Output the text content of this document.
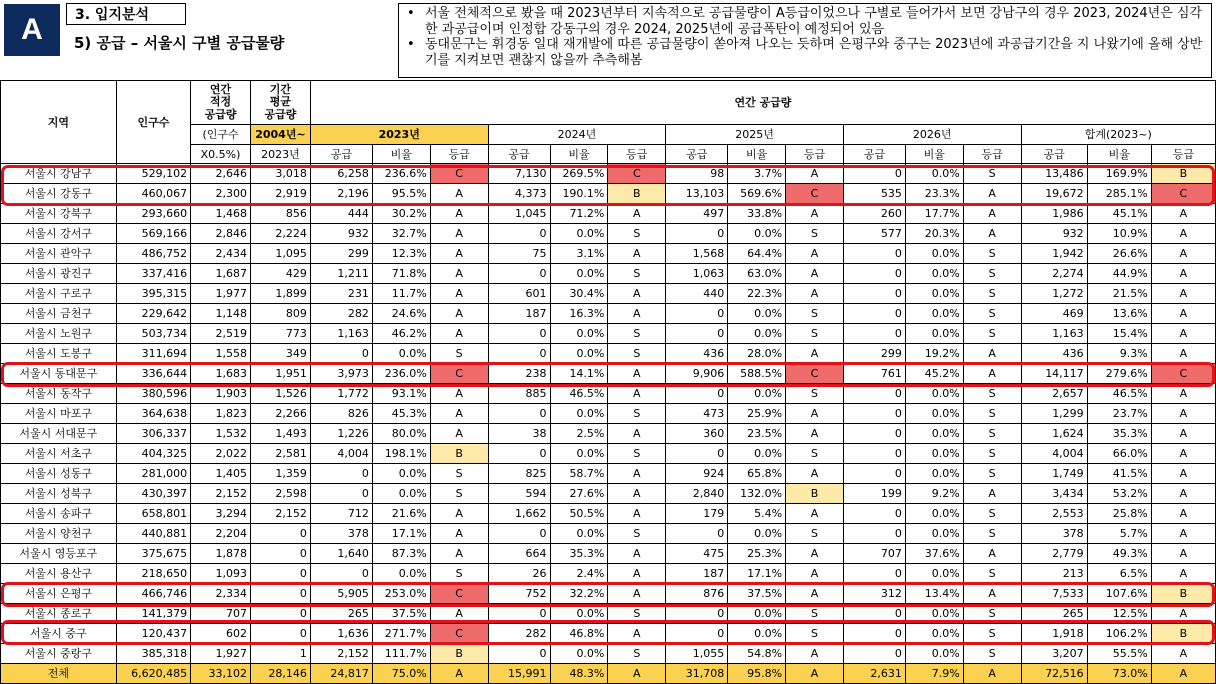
A	3. 입지분석
5) 공급 – 서울시 구별 공급물량
• 서울 전체적으로 봤을 때 2023년부터 지속적으로 공급물량이 A등급이었으나 구별로 들어가서 보면 강남구의 경우 2023, 2024년은 심각한 과공급이며 인정합 강동구의 경우 2024, 2025년에 공급폭탄이 예정되어 있음
• 동대문구는 휘경동 일대 재개발에 따른 공급물량이 쏟아져 나오는 듯하며 은평구와 중구는 2023년에 과공급기간을 지 나왔기에 올해 상반기를 지켜보면 괜찮지 않을까 추측해봄
지역	인구수	연간
적정
공급량	기간
평균
공급량	연간 공급량														
		(인구수	2004년~	2023년			2024년			2025년			2026년			합계(2023~)		
		X0.5%)	2023년	공급	비율	등급	공급	비율	등급	공급	비율	등급	공급	비율	등급	공급	비율	등급
서울시 강남구	529,102	2,646	3,018	6,258	236.6%	C	7,130	269.5%	C	98	3.7%	A	0	0.0%	S	13,486	169.9%	B
서울시 강동구	460,067	2,300	2,919	2,196	95.5%	A	4,373	190.1%	B	13,103	569.6%	C	535	23.3%	A	19,672	285.1%	C
서울시 강북구	293,660	1,468	856	444	30.2%	A	1,045	71.2%	A	497	33.8%	A	260	17.7%	A	1,986	45.1%	A
서울시 강서구	569,166	2,846	2,224	932	32.7%	A	0	0.0%	S	0	0.0%	S	577	20.3%	A	932	10.9%	A
서울시 관악구	486,752	2,434	1,095	299	12.3%	A	75	3.1%	A	1,568	64.4%	A	0	0.0%	S	1,942	26.6%	A
서울시 광진구	337,416	1,687	429	1,211	71.8%	A	0	0.0%	S	1,063	63.0%	A	0	0.0%	S	2,274	44.9%	A
서울시 구로구	395,315	1,977	1,899	231	11.7%	A	601	30.4%	A	440	22.3%	A	0	0.0%	S	1,272	21.5%	A
서울시 금천구	229,642	1,148	809	282	24.6%	A	187	16.3%	A	0	0.0%	S	0	0.0%	S	469	13.6%	A
서울시 노원구	503,734	2,519	773	1,163	46.2%	A	0	0.0%	S	0	0.0%	S	0	0.0%	S	1,163	15.4%	A
서울시 도봉구	311,694	1,558	349	0	0.0%	S	0	0.0%	S	436	28.0%	A	299	19.2%	A	436	9.3%	A
서울시 동대문구	336,644	1,683	1,951	3,973	236.0%	C	238	14.1%	A	9,906	588.5%	C	761	45.2%	A	14,117	279.6%	C
서울시 동작구	380,596	1,903	1,526	1,772	93.1%	A	885	46.5%	A	0	0.0%	S	0	0.0%	S	2,657	46.5%	A
서울시 마포구	364,638	1,823	2,266	826	45.3%	A	0	0.0%	S	473	25.9%	A	0	0.0%	S	1,299	23.7%	A
서울시 서대문구	306,337	1,532	1,493	1,226	80.0%	A	38	2.5%	A	360	23.5%	A	0	0.0%	S	1,624	35.3%	A
서울시 서초구	404,325	2,022	2,581	4,004	198.1%	B	0	0.0%	S	0	0.0%	S	0	0.0%	S	4,004	66.0%	A
서울시 성동구	281,000	1,405	1,359	0	0.0%	S	825	58.7%	A	924	65.8%	A	0	0.0%	S	1,749	41.5%	A
서울시 성북구	430,397	2,152	2,598	0	0.0%	S	594	27.6%	A	2,840	132.0%	B	199	9.2%	A	3,434	53.2%	A
서울시 송파구	658,801	3,294	2,152	712	21.6%	A	1,662	50.5%	A	179	5.4%	A	0	0.0%	S	2,553	25.8%	A
서울시 양천구	440,881	2,204	0	378	17.1%	A	0	0.0%	S	0	0.0%	S	0	0.0%	S	378	5.7%	A
서울시 영등포구	375,675	1,878	0	1,640	87.3%	A	664	35.3%	A	475	25.3%	A	707	37.6%	A	2,779	49.3%	A
서울시 용산구	218,650	1,093	0	0	0.0%	S	26	2.4%	A	187	17.1%	A	0	0.0%	S	213	6.5%	A
서울시 은평구	466,746	2,334	0	5,905	253.0%	C	752	32.2%	A	876	37.5%	A	312	13.4%	A	7,533	107.6%	B
서울시 종로구	141,379	707	0	265	37.5%	A	0	0.0%	S	0	0.0%	S	0	0.0%	S	265	12.5%	A
서울시 중구	120,437	602	0	1,636	271.7%	C	282	46.8%	A	0	0.0%	S	0	0.0%	S	1,918	106.2%	B
서울시 중랑구	385,318	1,927	1	2,152	111.7%	B	0	0.0%	S	1,055	54.8%	A	0	0.0%	S	3,207	55.5%	A
전체	6,620,485	33,102	28,146	24,817	75.0%	A	15,991	48.3%	A	31,708	95.8%	A	2,631	7.9%	A	72,516	73.0%	A
